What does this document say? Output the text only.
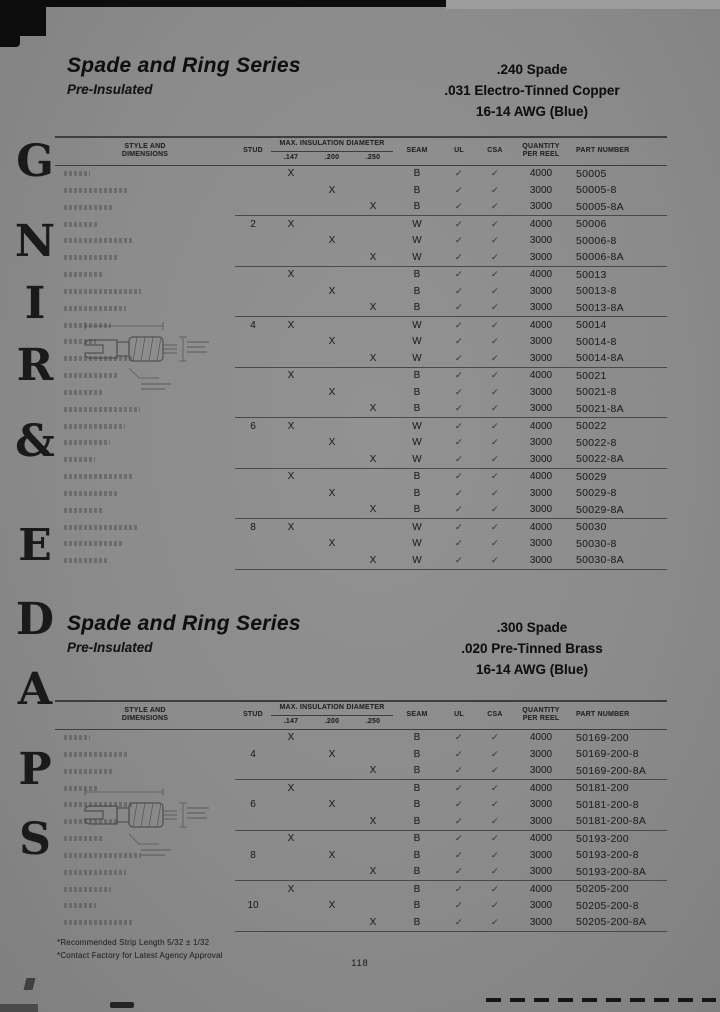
G
N
I
R
&
E
D
A
P
S
Spade and Ring Series
Pre-Insulated
.240 Spade
.031 Electro-Tinned Copper
16-14 AWG (Blue)
STYLE AND DIMENSIONS	STUD	MAX. INSULATION DIAMETER			SEAM	UL	CSA	QUANTITY PER REEL	PART NUMBER
		.147	.200	.250					

		X			B	✓	✓	4000	50005

			X		B	✓	✓	3000	50005-8

				X	B	✓	✓	3000	50005-8A

	2	X			W	✓	✓	4000	50006

			X		W	✓	✓	3000	50006-8

				X	W	✓	✓	3000	50006-8A

		X			B	✓	✓	4000	50013

			X		B	✓	✓	3000	50013-8

				X	B	✓	✓	3000	50013-8A

	4	X			W	✓	✓	4000	50014

			X		W	✓	✓	3000	50014-8

				X	W	✓	✓	3000	50014-8A

		X			B	✓	✓	4000	50021

			X		B	✓	✓	3000	50021-8

				X	B	✓	✓	3000	50021-8A

	6	X			W	✓	✓	4000	50022

			X		W	✓	✓	3000	50022-8

				X	W	✓	✓	3000	50022-8A

		X			B	✓	✓	4000	50029

			X		B	✓	✓	3000	50029-8

				X	B	✓	✓	3000	50029-8A

	8	X			W	✓	✓	4000	50030

			X		W	✓	✓	3000	50030-8

				X	W	✓	✓	3000	50030-8A
Spade and Ring Series
Pre-Insulated
.300 Spade
.020 Pre-Tinned Brass
16-14 AWG (Blue)
STYLE AND DIMENSIONS	STUD	MAX. INSULATION DIAMETER			SEAM	UL	CSA	QUANTITY PER REEL	PART NUMBER
		.147	.200	.250					

		X			B	✓	✓	4000	50169-200

	4		X		B	✓	✓	3000	50169-200-8

				X	B	✓	✓	3000	50169-200-8A

		X			B	✓	✓	4000	50181-200

	6		X		B	✓	✓	3000	50181-200-8

				X	B	✓	✓	3000	50181-200-8A

		X			B	✓	✓	4000	50193-200

	8		X		B	✓	✓	3000	50193-200-8

				X	B	✓	✓	3000	50193-200-8A

		X			B	✓	✓	4000	50205-200

	10		X		B	✓	✓	3000	50205-200-8

				X	B	✓	✓	3000	50205-200-8A
*Recommended Strip Length 5/32 ± 1/32
*Contact Factory for Latest Agency Approval
118
